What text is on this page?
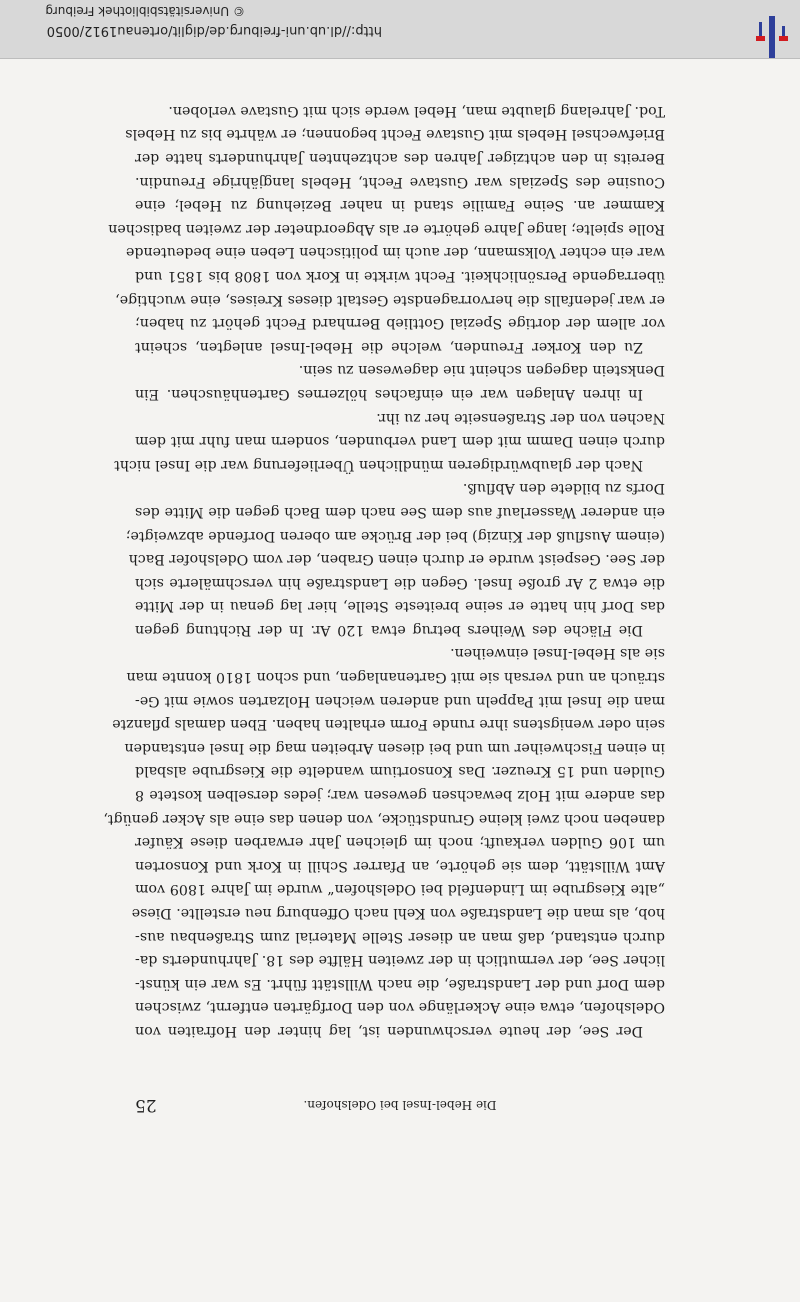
Die Hebel-Insel bei Odelshofen.
25

Der See, der heute verschwunden ist, lag hinter den Hofraiten von
Odelshofen, etwa eine Ackerlänge von den Dorfgärten entfernt, zwischen
dem Dorf und der Landstraße, die nach Willstätt führt. Es war ein künst-
licher See, der vermutlich in der zweiten Hälfte des 18. Jahrhunderts da-
durch entstand, daß man an dieser Stelle Material zum Straßenbau aus-
hob, als man die Landstraße von Kehl nach Offenburg neu erstellte. Diese
„alte Kiesgrube im Lindenfeld bei Odelshofen“ wurde im Jahre 1809 vom
Amt Willstätt, dem sie gehörte, an Pfarrer Schill in Kork und Konsorten
um 106 Gulden verkauft; noch im gleichen Jahr erwarben diese Käufer
daneben noch zwei kleine Grundstücke, von denen das eine als Acker genügt,
das andere mit Holz bewachsen gewesen war; jedes derselben kostete 8
Gulden und 15 Kreuzer. Das Konsortium wandelte die Kiesgrube alsbald
in einen Fischweiher um und bei diesen Arbeiten mag die Insel entstanden
sein oder wenigstens ihre runde Form erhalten haben. Eben damals pflanzte
man die Insel mit Pappeln und anderen weichen Holzarten sowie mit Ge-
sträuch an und versah sie mit Gartenanlagen, und schon 1810 konnte man
sie als Hebel-Insel einweihen.

Die Fläche des Weihers betrug etwa 120 Ar. In der Richtung gegen
das Dorf hin hatte er seine breiteste Stelle, hier lag genau in der Mitte
die etwa 2 Ar große Insel. Gegen die Landstraße hin verschmälerte sich
der See. Gespeist wurde er durch einen Graben, der vom Odelshofer Bach
(einem Ausfluß der Kinzig) bei der Brücke am oberen Dorfende abzweigte;
ein anderer Wasserlauf aus dem See nach dem Bach gegen die Mitte des
Dorfs zu bildete den Abfluß.

Nach der glaubwürdigeren mündlichen Überlieferung war die Insel nicht
durch einen Damm mit dem Land verbunden, sondern man fuhr mit dem
Nachen von der Straßenseite her zu ihr.

In ihren Anlagen war ein einfaches hölzernes Gartenhäuschen. Ein
Denkstein dagegen scheint nie dagewesen zu sein.

Zu den Korker Freunden, welche die Hebel-Insel anlegten, scheint
vor allem der dortige Spezial Gottlieb Bernhard Fecht gehört zu haben;
er war jedenfalls die hervorragendste Gestalt dieses Kreises, eine wuchtige,
überragende Persönlichkeit. Fecht wirkte in Kork von 1808 bis 1851 und
war ein echter Volksmann, der auch im politischen Leben eine bedeutende
Rolle spielte; lange Jahre gehörte er als Abgeordneter der zweiten badischen
Kammer an. Seine Familie stand in naher Beziehung zu Hebel; eine
Cousine des Spezials war Gustave Fecht, Hebels langjährige Freundin.
Bereits in den achtziger Jahren des achtzehnten Jahrhunderts hatte der
Briefwechsel Hebels mit Gustave Fecht begonnen; er währte bis zu Hebels
Tod. Jahrelang glaubte man, Hebel werde sich mit Gustave verloben.

http://dl.ub.uni-freiburg.de/diglit/ortenau1912/0050
© Universitätsbibliothek Freiburg
